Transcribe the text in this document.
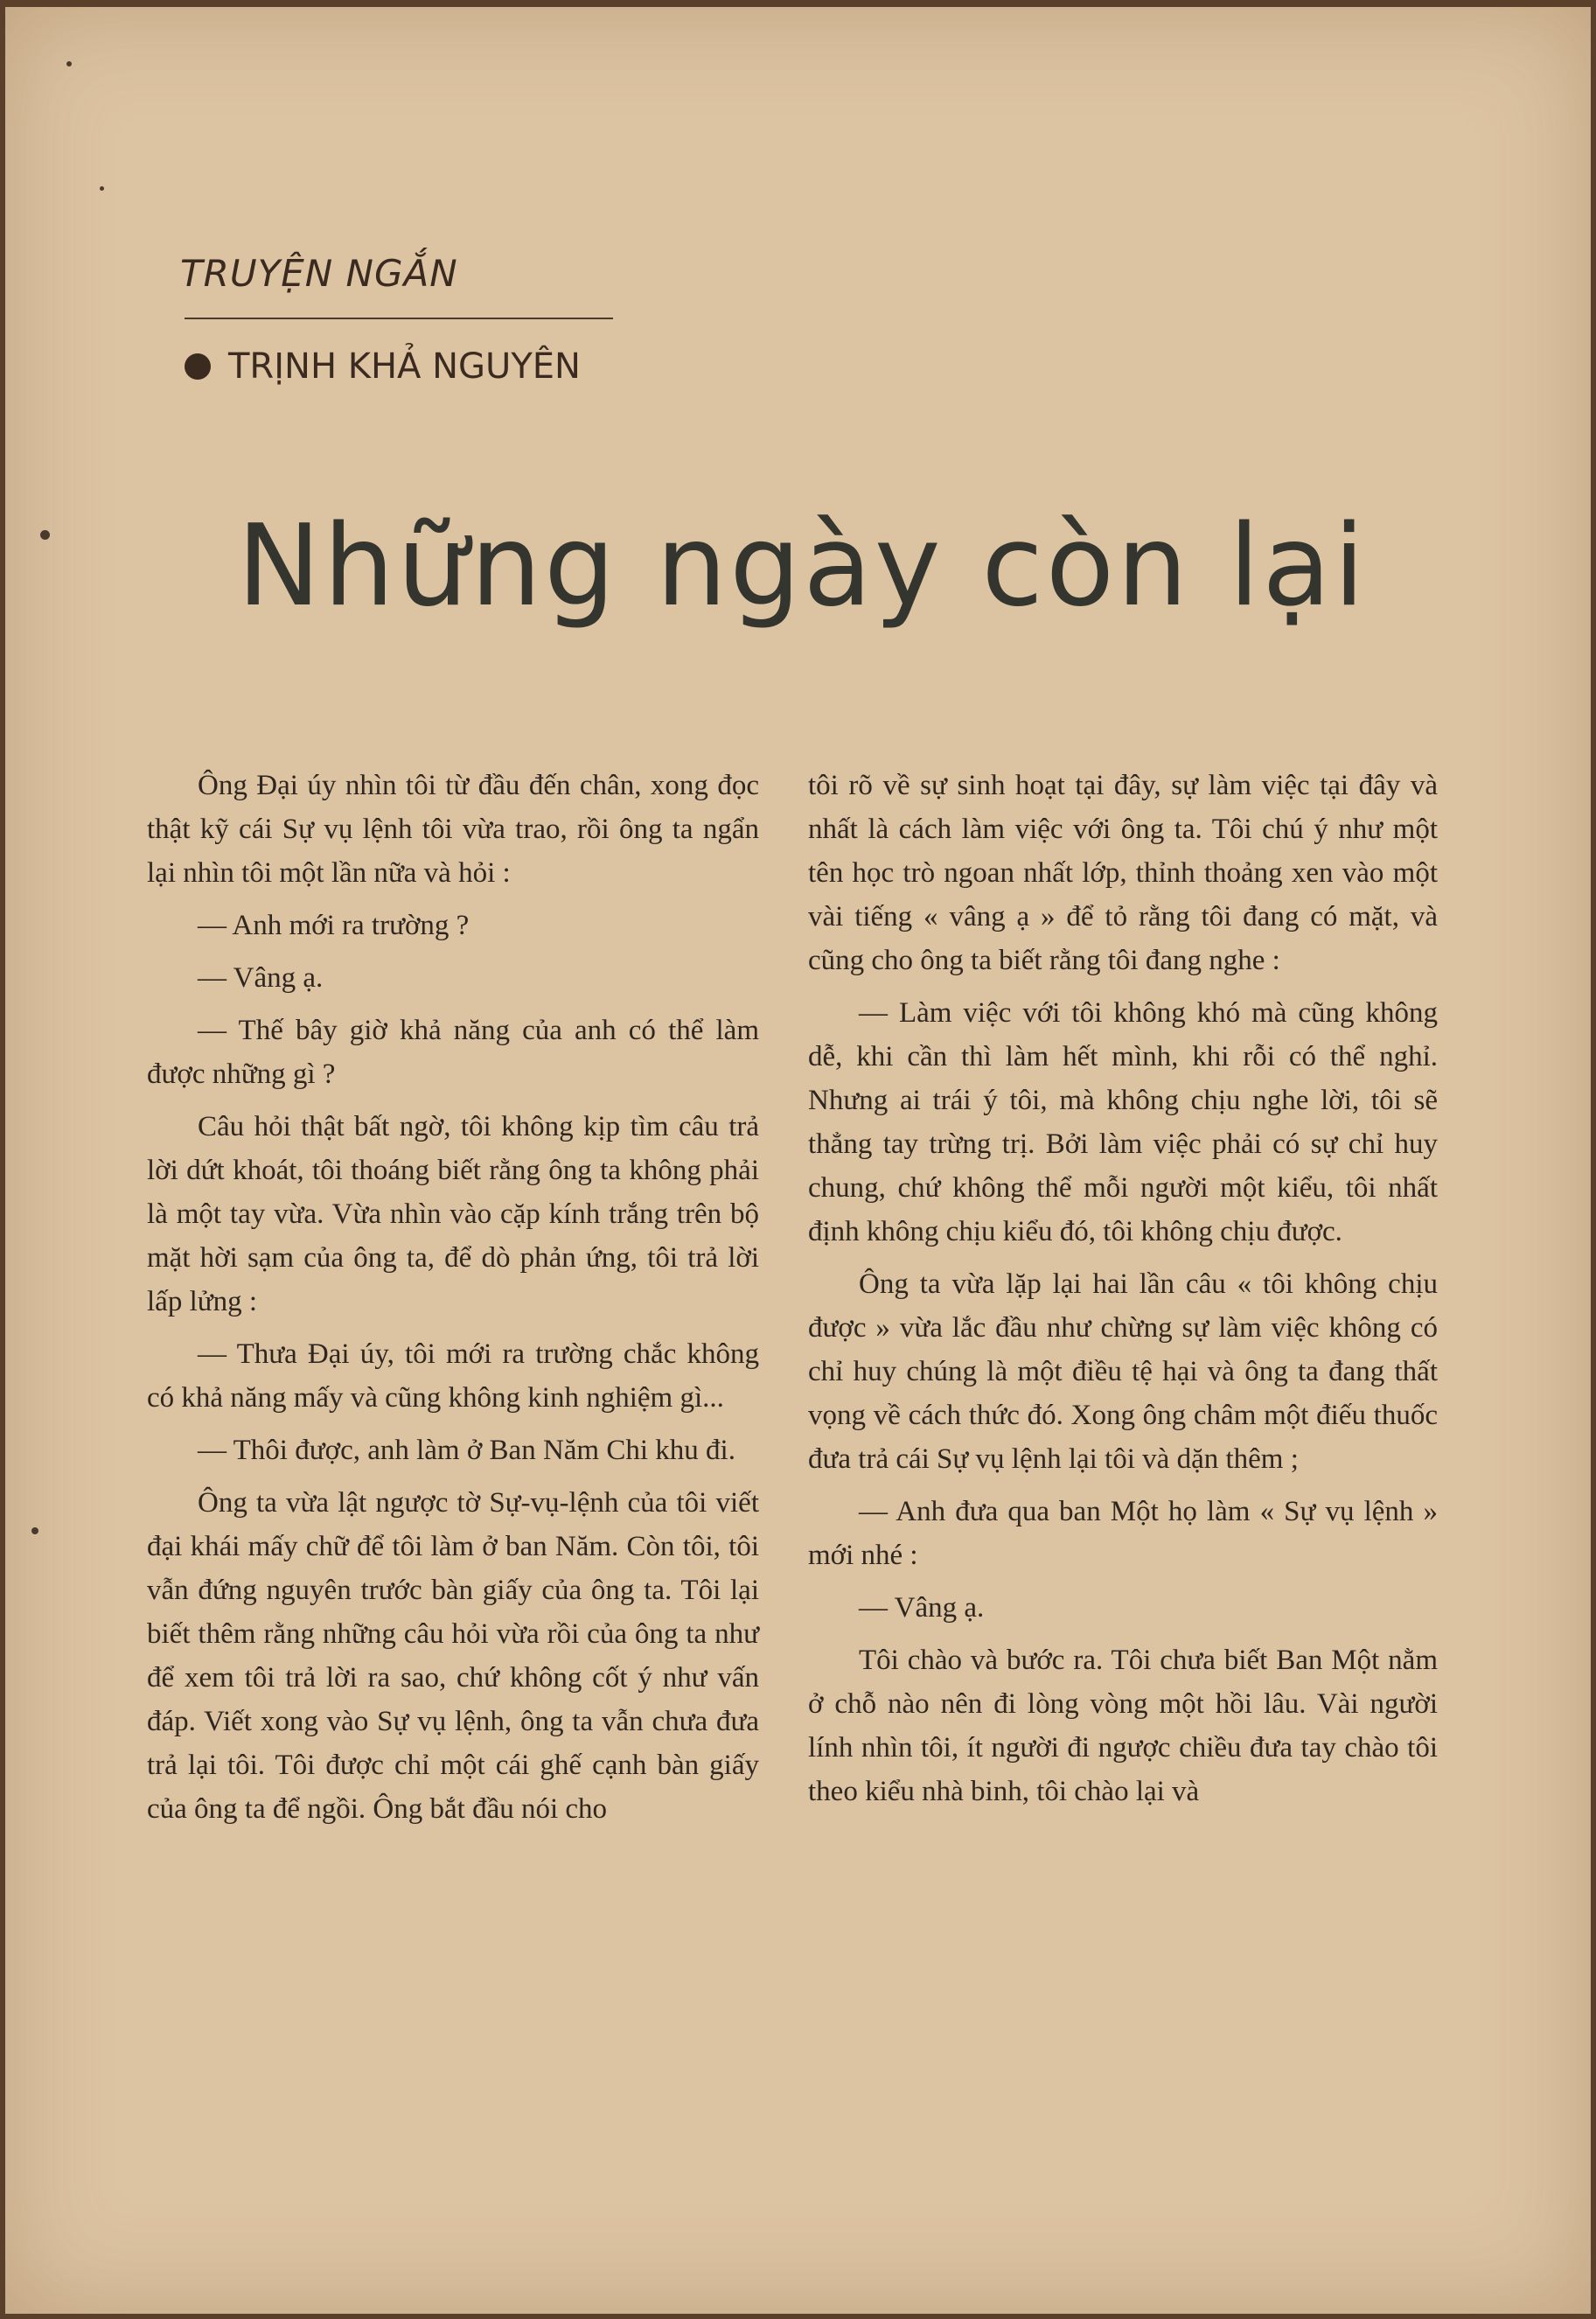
TRUYỆN NGẮN
TRỊNH KHẢ NGUYÊN
Những ngày còn lại

Ông Đại úy nhìn tôi từ đầu đến chân, xong đọc thật kỹ cái Sự vụ lệnh tôi vừa trao, rồi ông ta ngẩn lại nhìn tôi một lần nữa và hỏi :

— Anh mới ra trường ?

— Vâng ạ.

— Thế bây giờ khả năng của anh có thể làm được những gì ?

Câu hỏi thật bất ngờ, tôi không kịp tìm câu trả lời dứt khoát, tôi thoáng biết rằng ông ta không phải là một tay vừa. Vừa nhìn vào cặp kính trắng trên bộ mặt hời sạm của ông ta, để dò phản ứng, tôi trả lời lấp lửng :

— Thưa Đại úy, tôi mới ra trường chắc không có khả năng mấy và cũng không kinh nghiệm gì...

— Thôi được, anh làm ở Ban Năm Chi khu đi.

Ông ta vừa lật ngược tờ Sự-vụ-lệnh của tôi viết đại khái mấy chữ để tôi làm ở ban Năm. Còn tôi, tôi vẫn đứng nguyên trước bàn giấy của ông ta. Tôi lại biết thêm rằng những câu hỏi vừa rồi của ông ta như để xem tôi trả lời ra sao, chứ không cốt ý như vấn đáp. Viết xong vào Sự vụ lệnh, ông ta vẫn chưa đưa trả lại tôi. Tôi được chỉ một cái ghế cạnh bàn giấy của ông ta để ngồi. Ông bắt đầu nói cho

tôi rõ về sự sinh hoạt tại đây, sự làm việc tại đây và nhất là cách làm việc với ông ta. Tôi chú ý như một tên học trò ngoan nhất lớp, thỉnh thoảng xen vào một vài tiếng « vâng ạ » để tỏ rằng tôi đang có mặt, và cũng cho ông ta biết rằng tôi đang nghe :

— Làm việc với tôi không khó mà cũng không dễ, khi cần thì làm hết mình, khi rỗi có thể nghỉ. Nhưng ai trái ý tôi, mà không chịu nghe lời, tôi sẽ thẳng tay trừng trị. Bởi làm việc phải có sự chỉ huy chung, chứ không thể mỗi người một kiểu, tôi nhất định không chịu kiểu đó, tôi không chịu được.

Ông ta vừa lặp lại hai lần câu « tôi không chịu được » vừa lắc đầu như chừng sự làm việc không có chỉ huy chúng là một điều tệ hại và ông ta đang thất vọng về cách thức đó. Xong ông châm một điếu thuốc đưa trả cái Sự vụ lệnh lại tôi và dặn thêm ;

— Anh đưa qua ban Một họ làm « Sự vụ lệnh » mới nhé :

— Vâng ạ.

Tôi chào và bước ra. Tôi chưa biết Ban Một nằm ở chỗ nào nên đi lòng vòng một hồi lâu. Vài người lính nhìn tôi, ít người đi ngược chiều đưa tay chào tôi theo kiểu nhà binh, tôi chào lại và
